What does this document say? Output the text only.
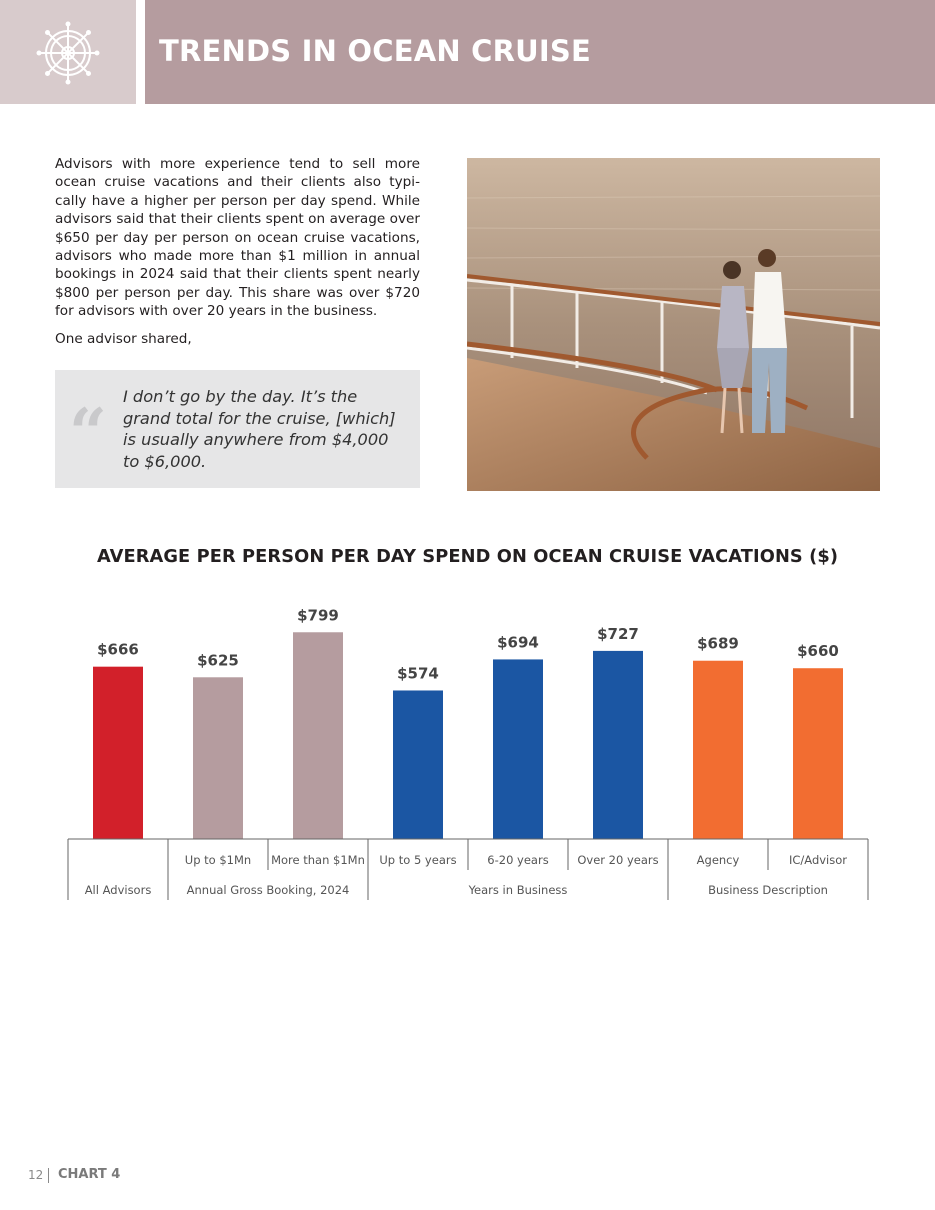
TRENDS IN OCEAN CRUISE

Advisors with more experience tend to sell more ocean cruise vacations and their clients also typi-cally have a higher per person per day spend. While advisors said that their clients spent on average over $650 per day per person on ocean cruise vacations, advisors who made more than $1 million in annual bookings in 2024 said that their clients spent nearly $800 per person per day. This share was over $720 for advisors with over 20 years in the business.

One advisor shared,

“ I don’t go by the day. It’s the grand total for the cruise, [which] is usually anywhere from $4,000 to $6,000.
AVERAGE PER PERSON PER DAY SPEND ON OCEAN CRUISE VACATIONS ($)
$666
$625
Up to $1Mn
$799
More than $1Mn
$574
Up to 5 years
$694
6-20 years
$727
Over 20 years
$689
Agency
$660
IC/Advisor
All Advisors	Annual Gross Booking, 2024	Years in Business	Business Description
12 CHART 4
